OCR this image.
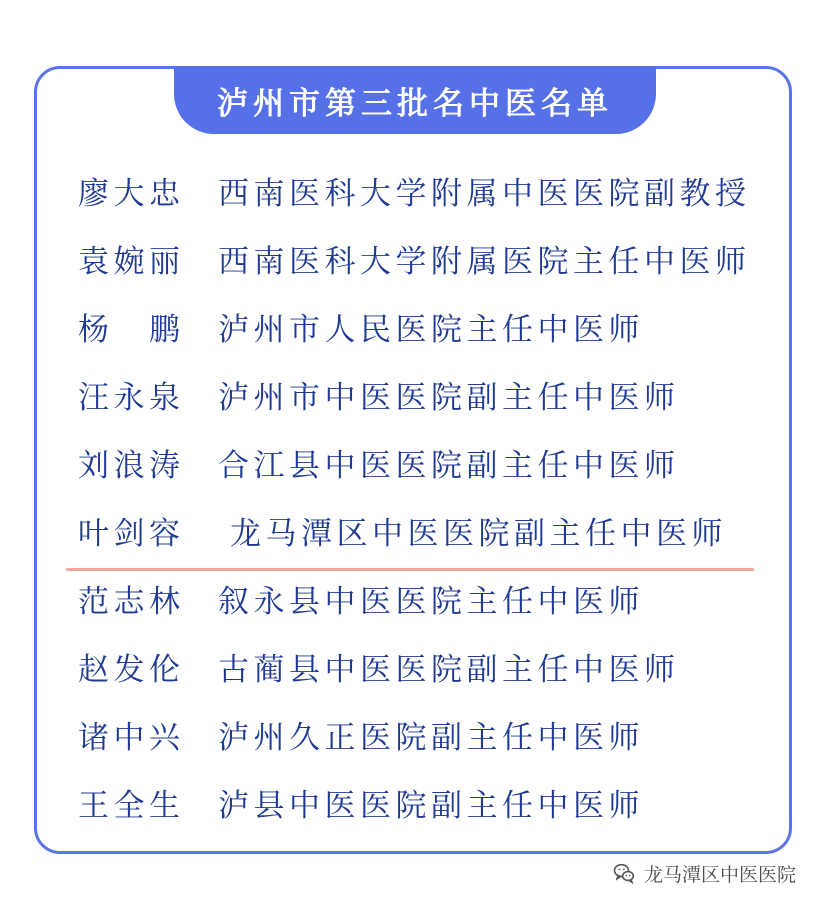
泸州市第三批名中医名单
廖大忠	西南医科大学附属中医医院副教授
袁婉丽	西南医科大学附属医院主任中医师
杨　鹏	泸州市人民医院主任中医师
汪永泉	泸州市中医医院副主任中医师
刘浪涛	合江县中医医院副主任中医师
叶剑容	龙马潭区中医医院副主任中医师
范志林	叙永县中医医院主任中医师
赵发伦	古蔺县中医医院副主任中医师
诸中兴	泸州久正医院副主任中医师
王全生	泸县中医医院副主任中医师
龙马潭区中医医院
